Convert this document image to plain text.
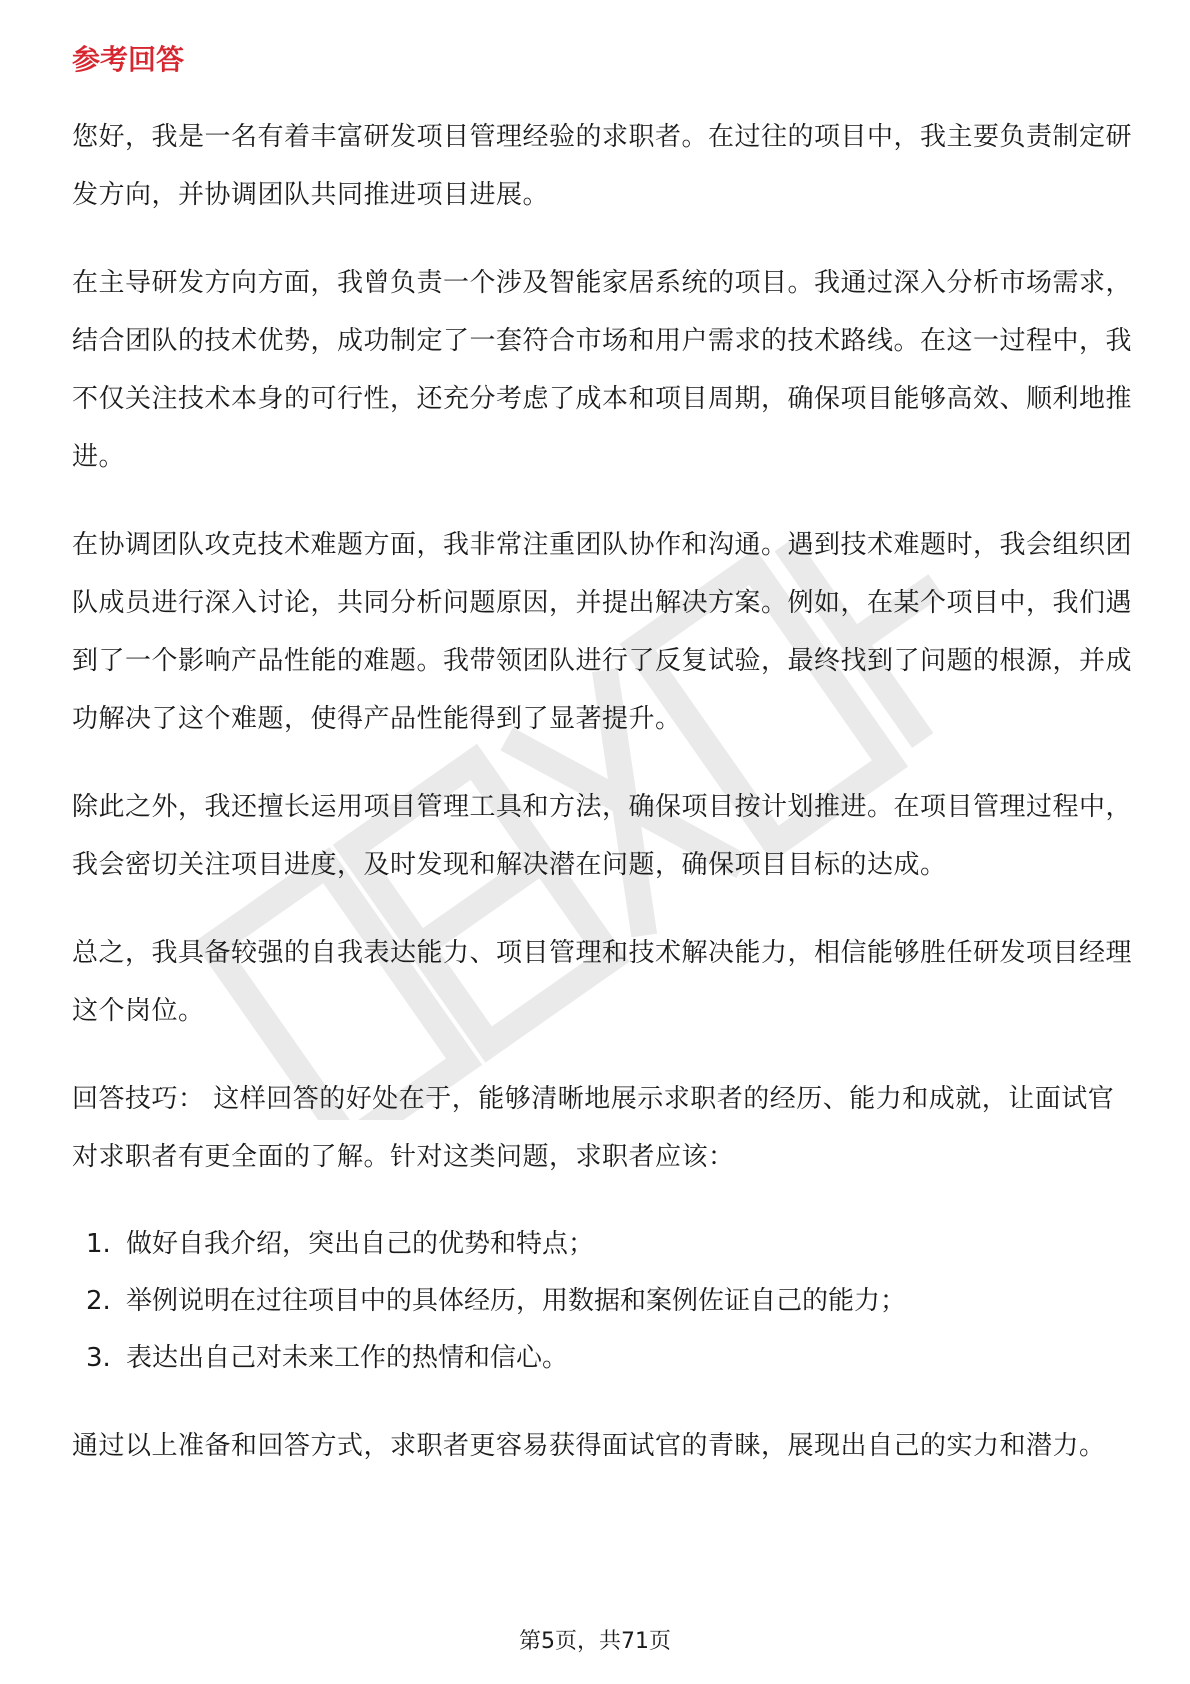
参考回答

您好，我是一名有着丰富研发项目管理经验的求职者。在过往的项目中，我主要负责制定研发方向，并协调团队共同推进项目进展。

在主导研发方向方面，我曾负责一个涉及智能家居系统的项目。我通过深入分析市场需求，结合团队的技术优势，成功制定了一套符合市场和用户需求的技术路线。在这一过程中，我不仅关注技术本身的可行性，还充分考虑了成本和项目周期，确保项目能够高效、顺利地推进。

在协调团队攻克技术难题方面，我非常注重团队协作和沟通。遇到技术难题时，我会组织团队成员进行深入讨论，共同分析问题原因，并提出解决方案。例如，在某个项目中，我们遇到了一个影响产品性能的难题。我带领团队进行了反复试验，最终找到了问题的根源，并成功解决了这个难题，使得产品性能得到了显著提升。

除此之外，我还擅长运用项目管理工具和方法，确保项目按计划推进。在项目管理过程中，我会密切关注项目进度，及时发现和解决潜在问题，确保项目目标的达成。

总之，我具备较强的自我表达能力、项目管理和技术解决能力，相信能够胜任研发项目经理这个岗位。

回答技巧： 这样回答的好处在于，能够清晰地展示求职者的经历、能力和成就，让面试官对求职者有更全面的了解。针对这类问题，求职者应该：

1. 做好自我介绍，突出自己的优势和特点；
2. 举例说明在过往项目中的具体经历，用数据和案例佐证自己的能力；
3. 表达出自己对未来工作的热情和信心。

通过以上准备和回答方式，求职者更容易获得面试官的青睐，展现出自己的实力和潜力。

第5页，共71页
